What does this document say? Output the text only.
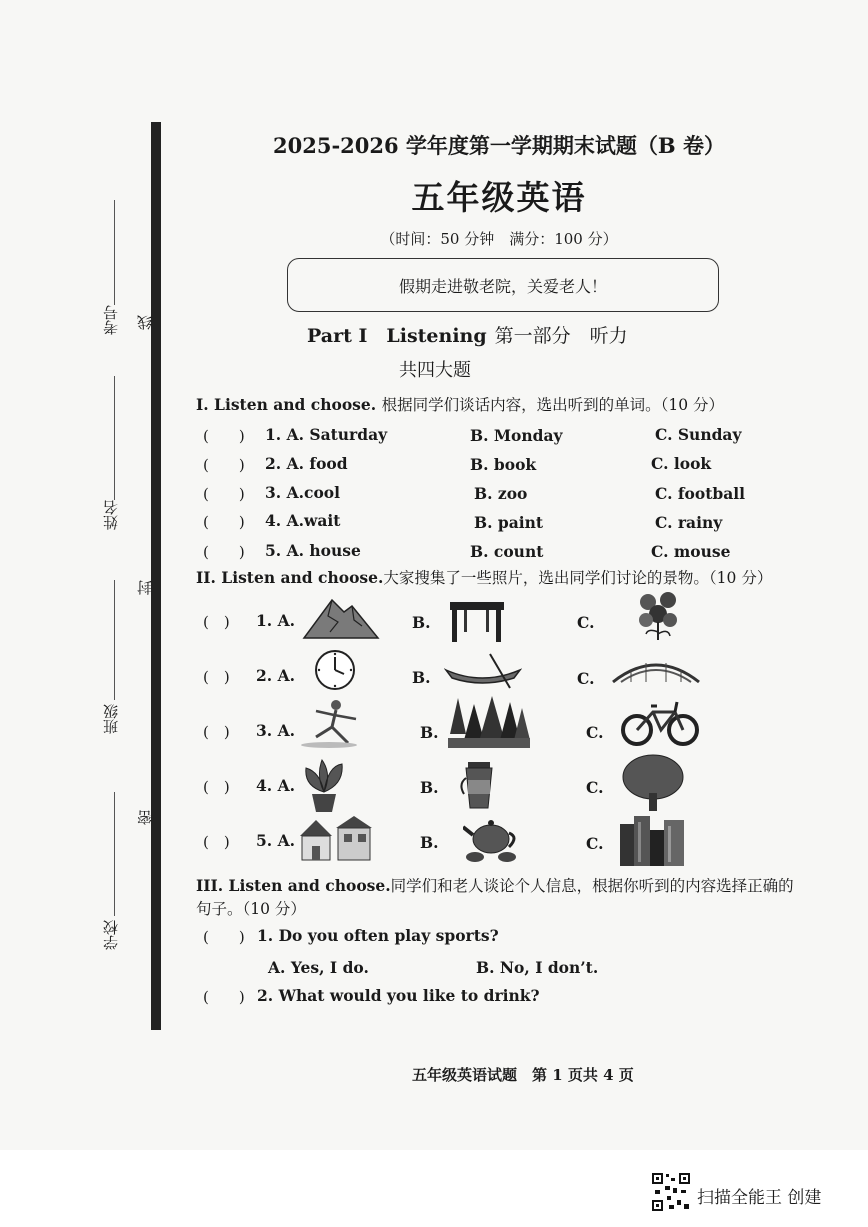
考号 线
姓名
封
班级
密
学校
2025-2026 学年度第一学期期末试题（B 卷）
五年级英语
（时间：50 分钟　满分：100 分）
假期走进敬老院，关爱老人！
Part I　Listening 第一部分　听力
共四大题
I. Listen and choose. 根据同学们谈话内容，选出听到的单词。（10 分）
(　　) 1. A. Saturday	B. Monday	C. Sunday
(　　) 2. A. food	B. book	C. look
(　　) 3. A.cool	B. zoo	C. football
(　　) 4. A.wait	B. paint	C. rainy
(　　) 5. A. house	B. count	C. mouse
II. Listen and choose.大家搜集了一些照片，选出同学们讨论的景物。（10 分）
(　) 1. A.	B.	C.
(　) 2. A.	B.	C.
(　) 3. A.	B.	C.
(　) 4. A.	B.	C.
(　) 5. A.	B.	C.
III. Listen and choose.同学们和老人谈论个人信息，根据你听到的内容选择正确的
句子。（10 分）
(　　) 1. Do you often play sports?
A. Yes, I do.	B. No, I don’t.
(　　) 2. What would you like to drink?
五年级英语试题　第 1 页共 4 页
扫描全能王 创建
